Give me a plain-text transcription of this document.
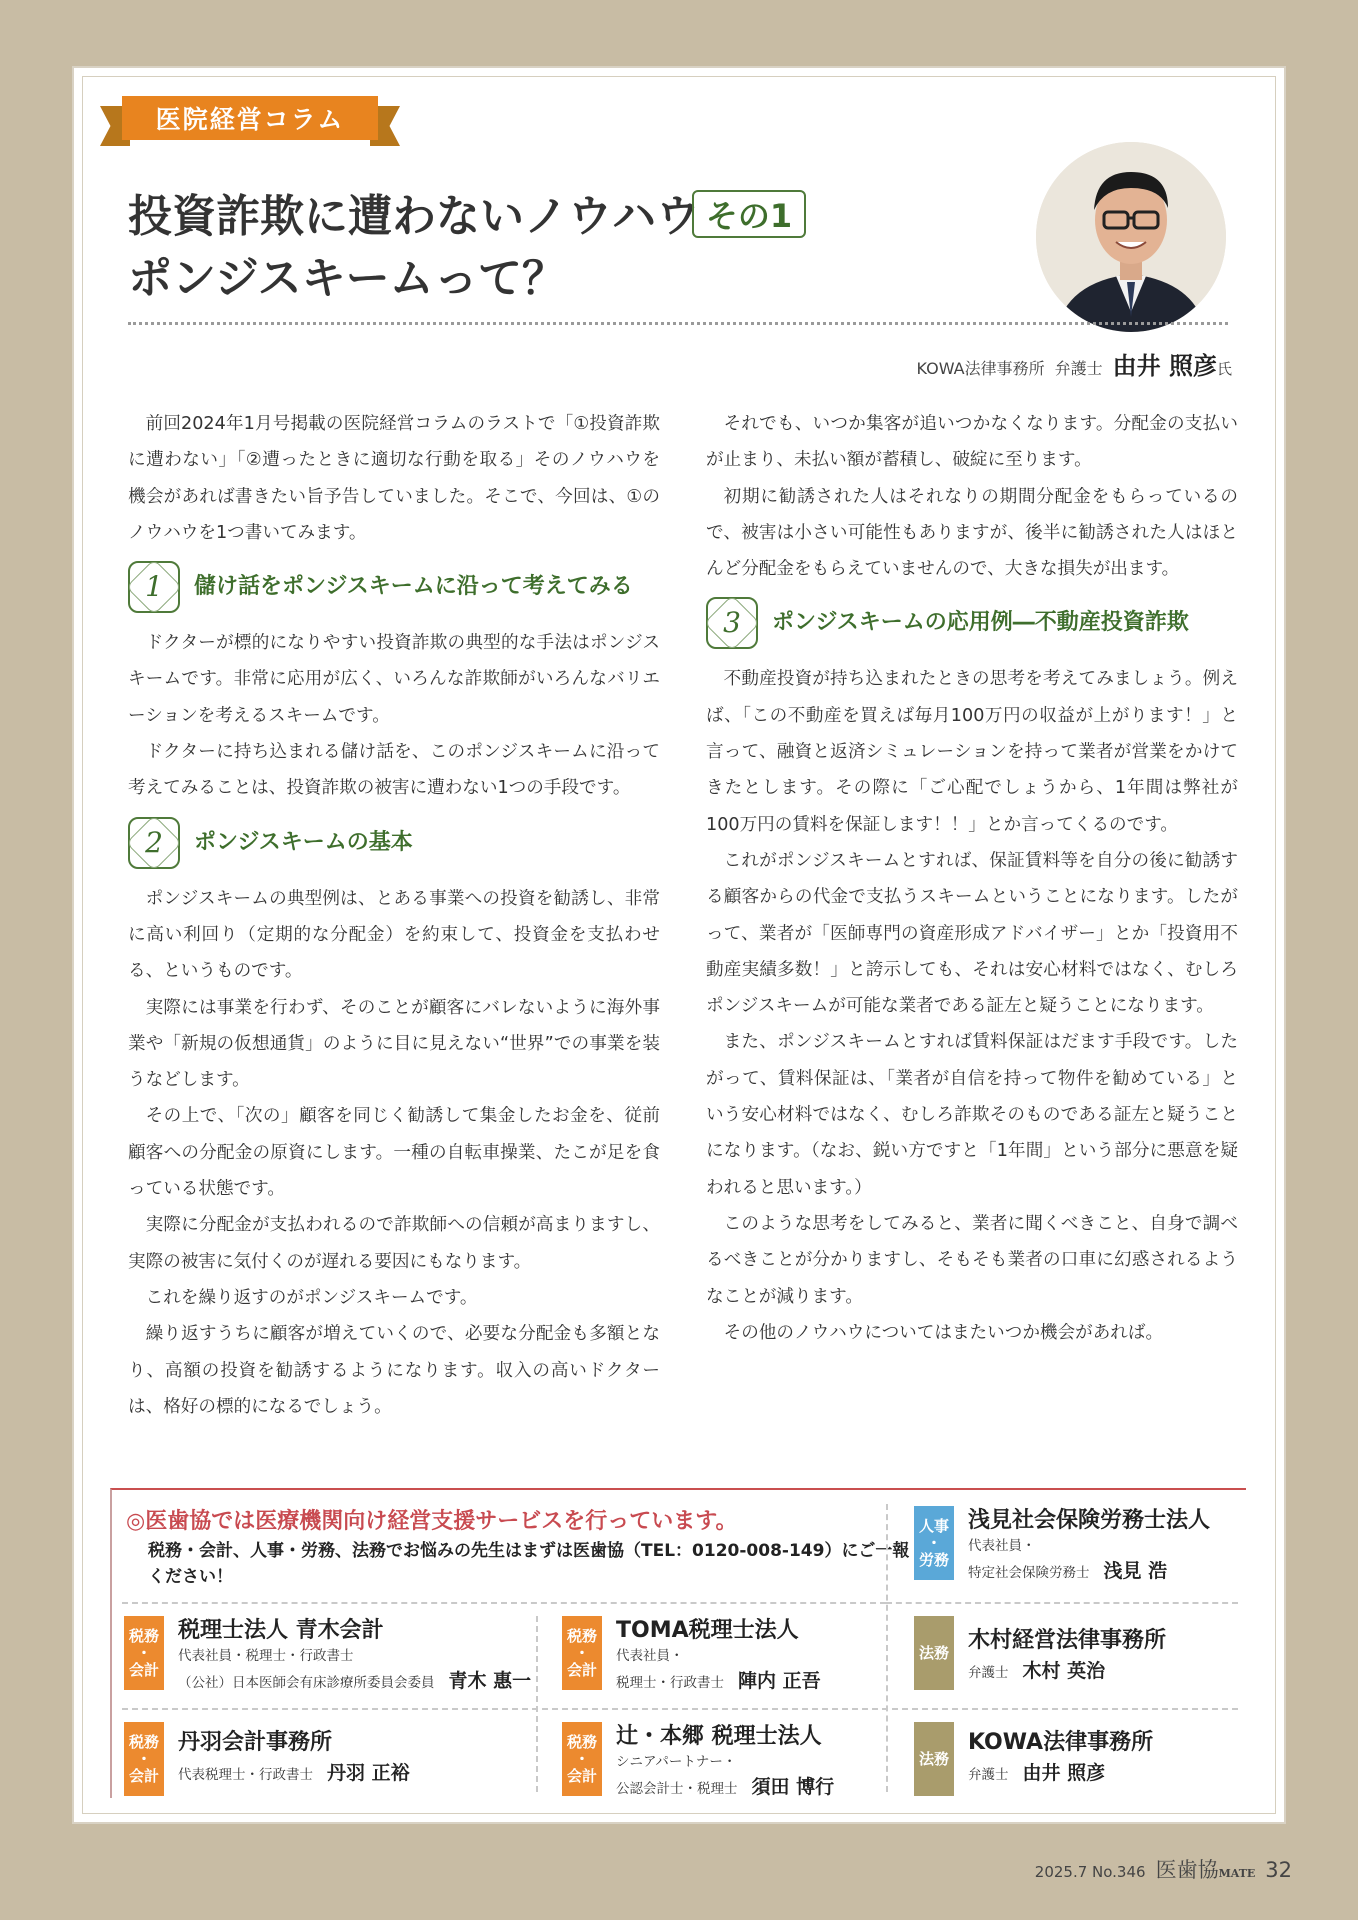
医院経営コラム
投資詐欺に遭わないノウハウ
ポンジスキームって？
その1
KOWA法律事務所 弁護士 由井 照彦 氏

前回2024年1月号掲載の医院経営コラムのラストで「①投資詐欺に遭わない」「②遭ったときに適切な行動を取る」そのノウハウを機会があれば書きたい旨予告していました。そこで、今回は、①のノウハウを1つ書いてみます。

1	儲け話をポンジスキームに沿って考えてみる

ドクターが標的になりやすい投資詐欺の典型的な手法はポンジスキームです。非常に応用が広く、いろんな詐欺師がいろんなバリエーションを考えるスキームです。

ドクターに持ち込まれる儲け話を、このポンジスキームに沿って考えてみることは、投資詐欺の被害に遭わない1つの手段です。

2	ポンジスキームの基本

ポンジスキームの典型例は、とある事業への投資を勧誘し、非常に高い利回り（定期的な分配金）を約束して、投資金を支払わせる、というものです。

実際には事業を行わず、そのことが顧客にバレないように海外事業や「新規の仮想通貨」のように目に見えない“世界”での事業を装うなどします。

その上で、「次の」顧客を同じく勧誘して集金したお金を、従前顧客への分配金の原資にします。一種の自転車操業、たこが足を食っている状態です。

実際に分配金が支払われるので詐欺師への信頼が高まりますし、実際の被害に気付くのが遅れる要因にもなります。

これを繰り返すのがポンジスキームです。

繰り返すうちに顧客が増えていくので、必要な分配金も多額となり、高額の投資を勧誘するようになります。収入の高いドクターは、格好の標的になるでしょう。

それでも、いつか集客が追いつかなくなります。分配金の支払いが止まり、未払い額が蓄積し、破綻に至ります。

初期に勧誘された人はそれなりの期間分配金をもらっているので、被害は小さい可能性もありますが、後半に勧誘された人はほとんど分配金をもらえていませんので、大きな損失が出ます。

3	ポンジスキームの応用例―不動産投資詐欺

不動産投資が持ち込まれたときの思考を考えてみましょう。例えば、「この不動産を買えば毎月100万円の収益が上がります！」と言って、融資と返済シミュレーションを持って業者が営業をかけてきたとします。その際に「ご心配でしょうから、1年間は弊社が100万円の賃料を保証します！！」とか言ってくるのです。

これがポンジスキームとすれば、保証賃料等を自分の後に勧誘する顧客からの代金で支払うスキームということになります。したがって、業者が「医師専門の資産形成アドバイザー」とか「投資用不動産実績多数！」と誇示しても、それは安心材料ではなく、むしろポンジスキームが可能な業者である証左と疑うことになります。

また、ポンジスキームとすれば賃料保証はだます手段です。したがって、賃料保証は、「業者が自信を持って物件を勧めている」という安心材料ではなく、むしろ詐欺そのものである証左と疑うことになります。（なお、鋭い方ですと「1年間」という部分に悪意を疑われると思います。）

このような思考をしてみると、業者に聞くべきこと、自身で調べるべきことが分かりますし、そもそも業者の口車に幻惑されるようなことが減ります。

その他のノウハウについてはまたいつか機会があれば。

◎医歯協では医療機関向け経営支援サービスを行っています。
税務・会計、人事・労務、法務でお悩みの先生はまずは医歯協（TEL：0120-008-149）にご一報ください！
人事
・
労務
浅見社会保険労務士法人
代表社員・
特定社会保険労務士 浅見 浩
税務
・
会計
税理士法人 青木会計
代表社員・税理士・行政書士
（公社）日本医師会有床診療所委員会委員 青木 惠一
税務
・
会計
TOMA税理士法人
代表社員・
税理士・行政書士 陣内 正吾
法務 木村経営法律事務所
弁護士 木村 英治
税務
・
会計
丹羽会計事務所
代表税理士・行政書士 丹羽 正裕
税務
・
会計
辻・本郷 税理士法人
シニアパートナー・
公認会計士・税理士 須田 博行
法務
KOWA法律事務所
弁護士 由井 照彦
2025.7 No.346 医歯協MATE 32
